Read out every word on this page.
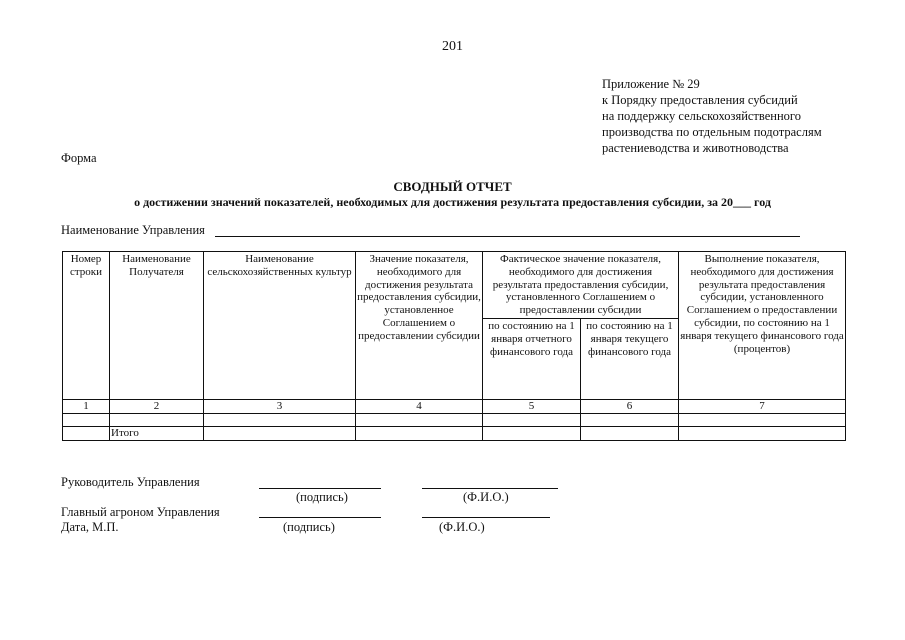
201
Приложение № 29
к Порядку предоставления субсидий
на поддержку сельскохозяйственного
производства по отдельным подотраслям
растениеводства и животноводства
Форма
СВОДНЫЙ ОТЧЕТ
о достижении значений показателей, необходимых для достижения результата предоставления субсидии, за 20___ год
Наименование Управления
Номер строки	Наименование Получателя	Наименование сельскохозяйственных культур	Значение показателя, необходимого для достижения результата предоставления субсидии, установленное Соглашением о предоставлении субсидии	Фактическое значение показателя, необходимого для достижения результата предоставления субсидии, установленного Соглашением о предоставлении субсидии		Выполнение показателя, необходимого для достижения результата предоставления субсидии, установленного Соглашением о предоставлении субсидии, по состоянию на 1 января текущего финансового года (процентов)
				по состоянию на 1 января отчетного финансового года	по состоянию на 1 января текущего финансового года	
1	2	3	4	5	6	7

	Итого					
Руководитель Управления
(подпись)	(Ф.И.О.)
Главный агроном Управления
Дата, М.П.	(подпись)	(Ф.И.О.)
